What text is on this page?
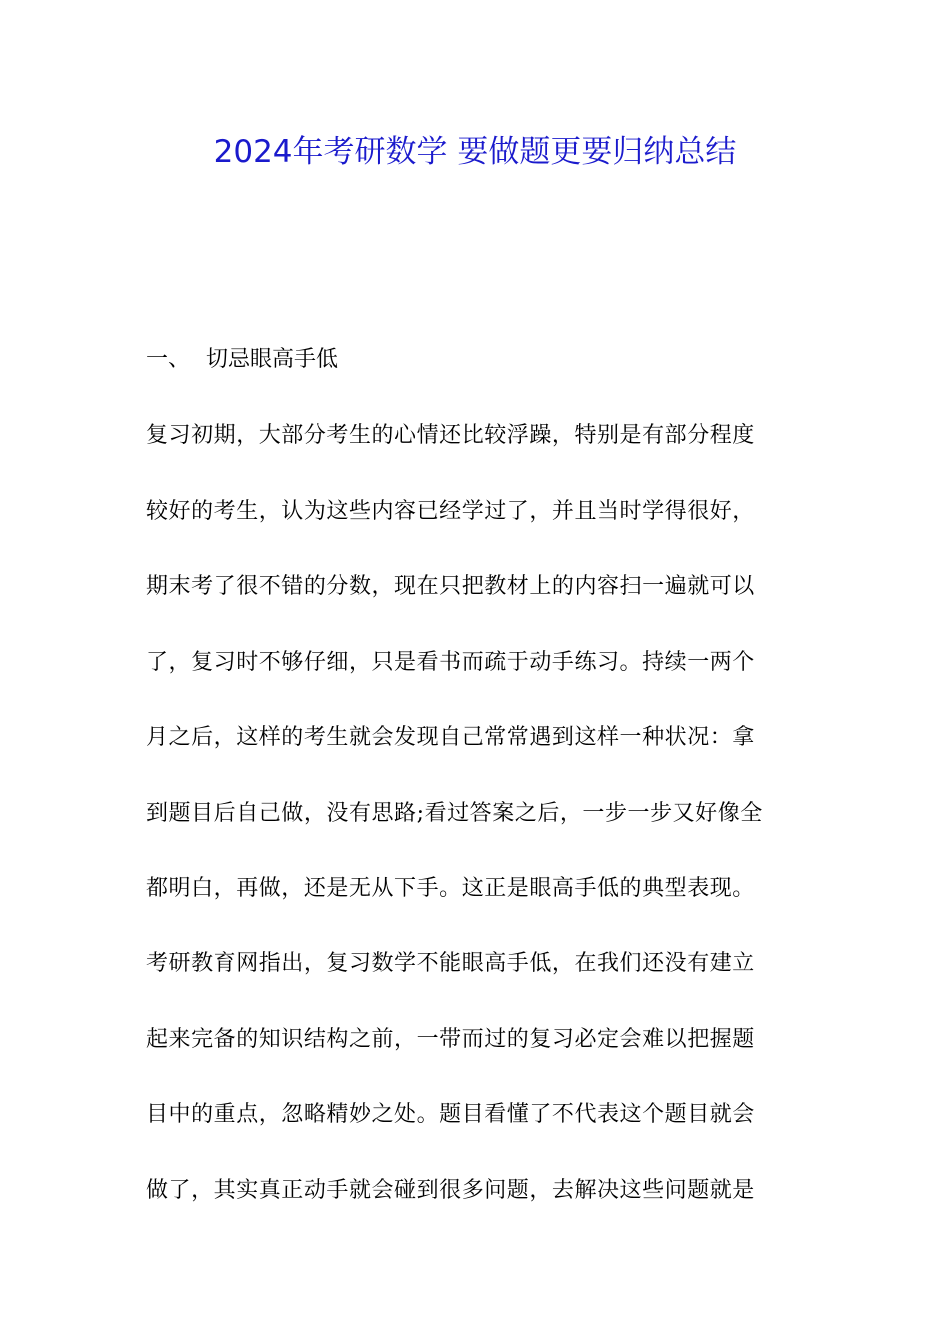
2024年考研数学 要做题更要归纳总结
一、 切忌眼高手低
复习初期，大部分考生的心情还比较浮躁，特别是有部分程度
较好的考生，认为这些内容已经学过了，并且当时学得很好，
期末考了很不错的分数，现在只把教材上的内容扫一遍就可以
了，复习时不够仔细，只是看书而疏于动手练习。持续一两个
月之后，这样的考生就会发现自己常常遇到这样一种状况：拿
到题目后自己做，没有思路;看过答案之后，一步一步又好像全
都明白，再做，还是无从下手。这正是眼高手低的典型表现。
考研教育网指出，复习数学不能眼高手低，在我们还没有建立
起来完备的知识结构之前，一带而过的复习必定会难以把握题
目中的重点，忽略精妙之处。题目看懂了不代表这个题目就会
做了，其实真正动手就会碰到很多问题，去解决这些问题就是
